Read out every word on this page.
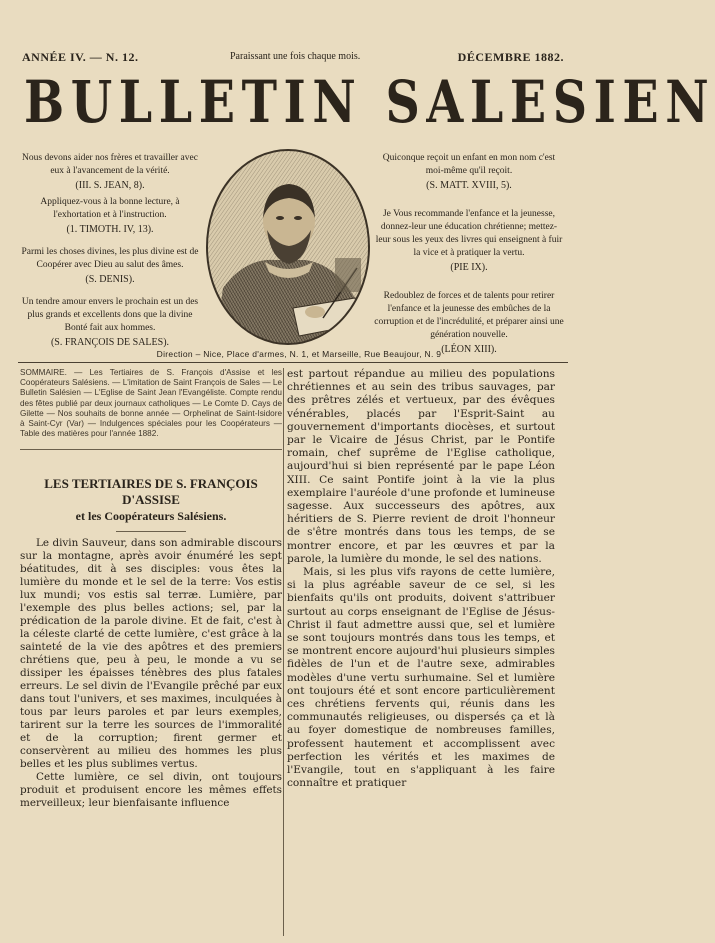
ANNÉE IV. — N. 12.	Paraissant une fois chaque mois.	DÉCEMBRE 1882.
BULLETIN SALESIEN
Nous devons aider nos frères et travailler avec eux à l'avancement de la vérité.
(III. S. JEAN, 8).
Appliquez-vous à la bonne lecture, à l'exhortation et à l'instruction.
(1. TIMOTH. IV, 13).
Parmi les choses divines, les plus divine est de Coopérer avec Dieu au salut des âmes.
(S. DENIS).
Un tendre amour envers le prochain est un des plus grands et excellents dons que la divine Bonté fait aux hommes.
(S. FRANÇOIS DE SALES).
Quiconque reçoit un enfant en mon nom c'est moi-même qu'il reçoit.
(S. MATT. XVIII, 5).
Je Vous recommande l'enfance et la jeunesse, donnez-leur une éducation chrétienne; mettez-leur sous les yeux des livres qui enseignent à fuir la vice et à pratiquer la vertu.
(PIE IX).
Redoublez de forces et de talents pour retirer l'enfance et la jeunesse des embûches de la corruption et de l'incrédulité, et préparer ainsi une génération nouvelle.
(LÉON XIII).
Direction – Nice, Place d'armes, N. 1, et Marseille, Rue Beaujour, N. 9
SOMMAIRE. — Les Tertiaires de S. François d'Assise et les Coopérateurs Salésiens. — L'imitation de Saint François de Sales — Le Bulletin Salésien — L'Eglise de Saint Jean l'Evangéliste. Compte rendu des fêtes publié par deux journaux catholiques — Le Comte D. Cays de Gilette — Nos souhaits de bonne année — Orphelinat de Saint-Isidore à Saint-Cyr (Var) — Indulgences spéciales pour les Coopérateurs — Table des matières pour l'année 1882.
LES TERTIAIRES DE S. FRANÇOIS D'ASSISE
et les Coopérateurs Salésiens.

Le divin Sauveur, dans son admirable discours sur la montagne, après avoir énuméré les sept béatitudes, dit à ses disciples: vous êtes la lumière du monde et le sel de la terre: Vos estis lux mundi; vos estis sal terræ. Lumière, par l'exemple des plus belles actions; sel, par la prédication de la parole divine. Et de fait, c'est à la céleste clarté de cette lumière, c'est grâce à la sainteté de la vie des apôtres et des premiers chrétiens que, peu à peu, le monde a vu se dissiper les épaisses ténèbres des plus fatales erreurs. Le sel divin de l'Evangile prêché par eux dans tout l'univers, et ses maximes, inculquées à tous par leurs paroles et par leurs exemples, tarirent sur la terre les sources de l'immoralité et de la corruption; firent germer et conservèrent au milieu des hommes les plus belles et les plus sublimes vertus.

Cette lumière, ce sel divin, ont toujours produit et produisent encore les mêmes effets merveilleux; leur bienfaisante influence

est partout répandue au milieu des populations chrétiennes et au sein des tribus sauvages, par des prêtres zélés et vertueux, par des évêques vénérables, placés par l'Esprit-Saint au gouvernement d'importants diocèses, et surtout par le Vicaire de Jésus Christ, par le Pontife romain, chef suprême de l'Eglise catholique, aujourd'hui si bien représenté par le pape Léon XIII. Ce saint Pontife joint à la vie la plus exemplaire l'auréole d'une profonde et lumineuse sagesse. Aux successeurs des apôtres, aux héritiers de S. Pierre revient de droit l'honneur de s'être montrés dans tous les temps, de se montrer encore, et par les œuvres et par la parole, la lumière du monde, le sel des nations.

Mais, si les plus vifs rayons de cette lumière, si la plus agréable saveur de ce sel, si les bienfaits qu'ils ont produits, doivent s'attribuer surtout au corps enseignant de l'Eglise de Jésus-Christ il faut admettre aussi que, sel et lumière se sont toujours montrés dans tous les temps, et se montrent encore aujourd'hui plusieurs simples fidèles de l'un et de l'autre sexe, admirables modèles d'une vertu surhumaine. Sel et lumière ont toujours été et sont encore particulièrement ces chrétiens fervents qui, réunis dans les communautés religieuses, ou dispersés ça et là au foyer domestique de nombreuses familles, professent hautement et accomplissent avec perfection les vérités et les maximes de l'Evangile, tout en s'appliquant à les faire connaître et pratiquer
